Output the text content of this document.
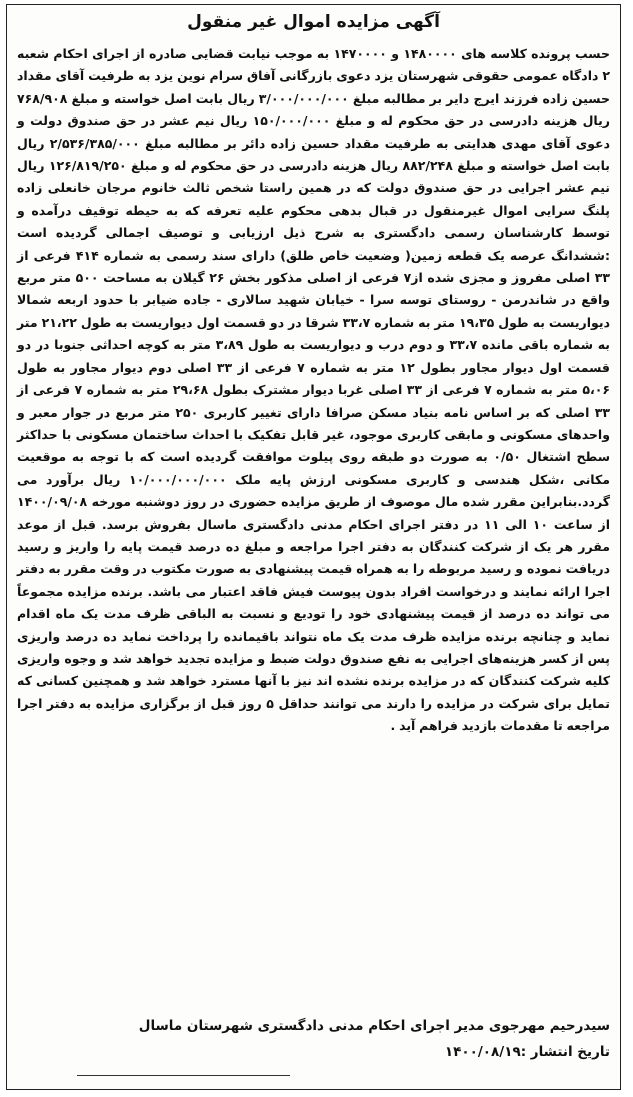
آگهی مزایده اموال غیر منقول
حسب پرونده کلاسه های ۱۴۸۰۰۰۰ و ۱۴۷۰۰۰۰ به موجب نیابت قضایی صادره از اجرای احکام شعبه ۲ دادگاه عمومی حقوقی شهرستان یزد دعوی بازرگانی آفاق سرام نوین یزد به طرفیت آقای مقداد حسین زاده فرزند ایرج دایر بر مطالبه مبلغ ۳/۰۰۰/۰۰۰/۰۰۰ ریال بابت اصل خواسته و مبلغ ۷۶۸/۹۰۸ ریال هزینه دادرسی در حق محکوم له و مبلغ ۱۵۰/۰۰۰/۰۰۰ ریال نیم عشر در حق صندوق دولت و دعوی آقای مهدی هدایتی به طرفیت مقداد حسین زاده دائر بر مطالبه مبلغ ۲/۵۳۶/۳۸۵/۰۰۰ ریال بابت اصل خواسته و مبلغ ۸۸۲/۲۴۸ ریال هزینه دادرسی در حق محکوم له و مبلغ ۱۲۶/۸۱۹/۲۵۰ ریال نیم عشر اجرایی در حق صندوق دولت که در همین راستا شخص ثالث خانوم مرجان خانعلی زاده پلنگ سرایی اموال غیرمنقول در قبال بدهی محکوم علیه تعرفه که به حیطه توقیف درآمده و توسط کارشناسان رسمی دادگستری به شرح ذیل ارزیابی و توصیف اجمالی گردیده است :ششدانگ عرصه یک قطعه زمین( وضعیت خاص طلق) دارای سند رسمی به شماره ۴۱۴ فرعی از ۳۳ اصلی مفروز و مجزی شده از۷ فرعی از اصلی مذکور بخش ۲۶ گیلان به مساحت ۵۰۰ متر مربع واقع در شاندرمن - روستای توسه سرا - خیابان شهید سالاری - جاده ضیابر با حدود اربعه شمالا دیواریست به طول ۱۹،۳۵ متر به شماره ۳۳،۷ شرقا در دو قسمت اول دیواریست به طول ۲۱،۲۲ متر به شماره باقی مانده ۳۳،۷ و دوم درب و دیواریست به طول ۳،۸۹ متر به کوچه احداثی جنوبا در دو قسمت اول دیوار مجاور بطول ۱۲ متر به شماره ۷ فرعی از ۳۳ اصلی دوم دیوار مجاور به طول ۵،۰۶ متر به شماره ۷ فرعی از ۳۳ اصلی غربا دیوار مشترک بطول ۲۹،۶۸ متر به شماره ۷ فرعی از ۳۳ اصلی که بر اساس نامه بنیاد مسکن صرافا دارای تغییر کاربری ۲۵۰ متر مربع در جوار معبر و واحدهای مسکونی و مابقی کاربری موجود، غیر قابل تفکیک با احداث ساختمان مسکونی با حداکثر سطح اشتغال ۰/۵۰ به صورت دو طبقه روی پیلوت موافقت گردیده است که با توجه به موقعیت مکانی ،شکل هندسی و کاربری مسکونی ارزش پایه ملک ۱۰/۰۰۰/۰۰۰/۰۰۰ ریال برآورد می گردد.بنابراین مقرر شده مال موصوف از طریق مزایده حضوری در روز دوشنبه مورخه ۱۴۰۰/۰۹/۰۸ از ساعت ۱۰ الی ۱۱ در دفتر اجرای احکام مدنی دادگستری ماسال بفروش برسد. قبل از موعد مقرر هر یک از شرکت کنندگان به دفتر اجرا مراجعه و مبلغ ده درصد قیمت پایه را واریز و رسید دریافت نموده و رسید مربوطه را به همراه قیمت پیشنهادی به صورت مکتوب در وقت مقرر به دفتر اجرا ارائه نمایند و درخواست افراد بدون پیوست فیش فاقد اعتبار می باشد. برنده مزایده مجموعاً می تواند ده درصد از قیمت پیشنهادی خود را تودیع و نسبت به الباقی ظرف مدت یک ماه اقدام نماید و چنانچه برنده مزایده ظرف مدت یک ماه نتواند باقیمانده را پرداخت نماید ده درصد واریزی پس از کسر هزینه‌های اجرایی به نفع صندوق دولت ضبط و مزایده تجدید خواهد شد و وجوه واریزی کلیه شرکت کنندگان که در مزایده برنده نشده اند نیز با آنها مسترد خواهد شد و همچنین کسانی که تمایل برای شرکت در مزایده را دارند می توانند حداقل ۵ روز قبل از برگزاری مزایده به دفتر اجرا مراجعه تا مقدمات بازدید فراهم آید .
سیدرحیم مهرجوی مدیر اجرای احکام مدنی دادگستری شهرستان ماسال
تاریخ انتشار :۱۴۰۰/۰۸/۱۹
